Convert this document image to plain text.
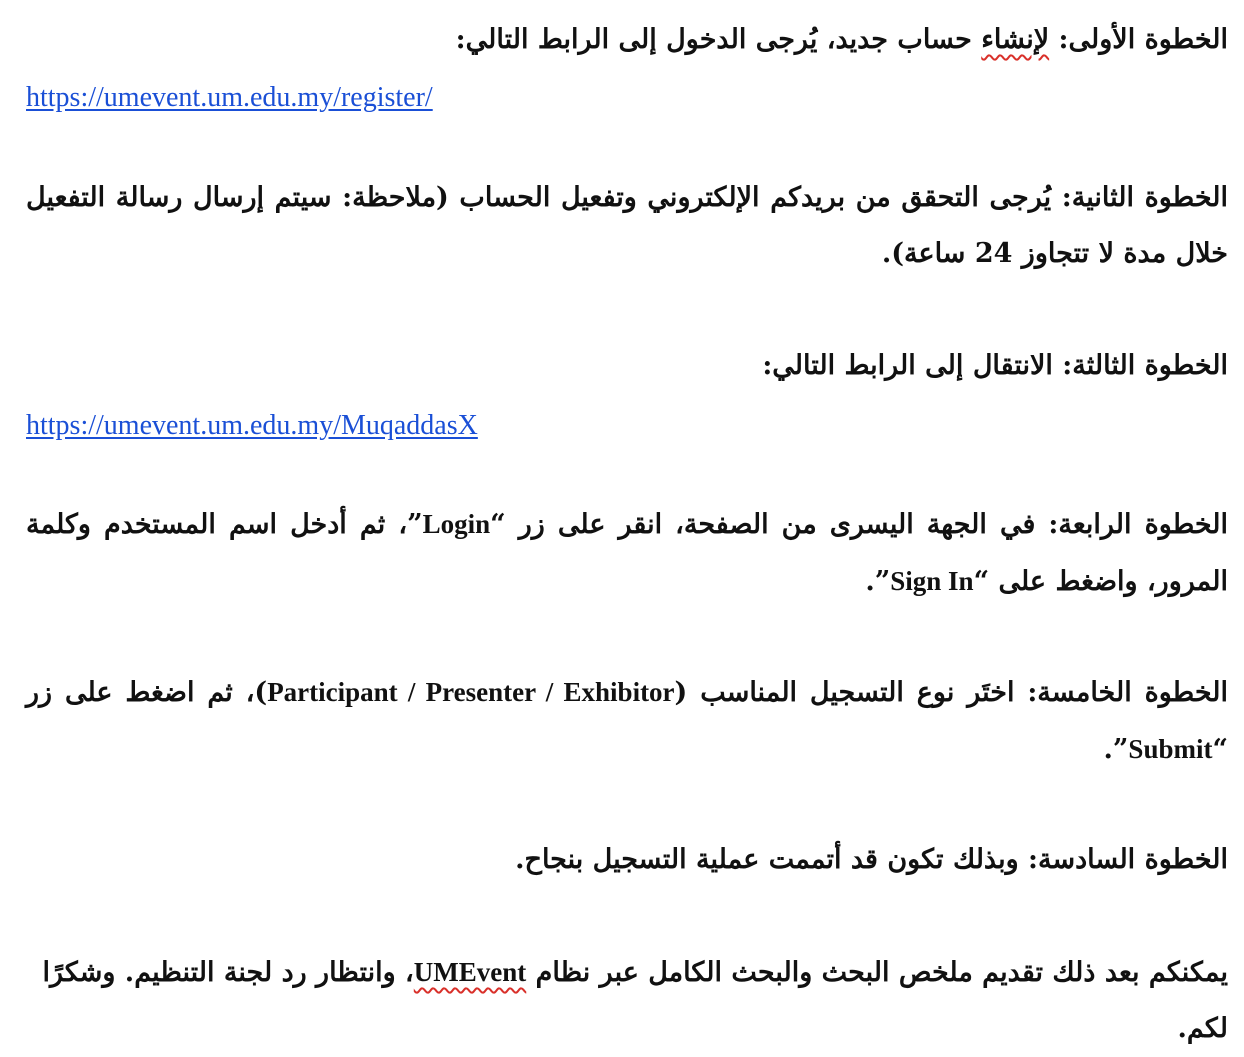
الخطوة الأولى: لإنشاء حساب جديد، يُرجى الدخول إلى الرابط التالي:

https://umevent.um.edu.my/register/

الخطوة الثانية: يُرجى التحقق من بريدكم الإلكتروني وتفعيل الحساب (ملاحظة: سيتم إرسال رسالة التفعيل خلال مدة لا تتجاوز 24 ساعة).

الخطوة الثالثة: الانتقال إلى الرابط التالي:

https://umevent.um.edu.my/MuqaddasX

الخطوة الرابعة: في الجهة اليسرى من الصفحة، انقر على زر “Login”، ثم أدخل اسم المستخدم وكلمة المرور، واضغط على “Sign In”.

الخطوة الخامسة: اختَر نوع التسجيل المناسب (Participant / Presenter / Exhibitor)، ثم اضغط على زر “Submit”.

الخطوة السادسة: وبذلك تكون قد أتممت عملية التسجيل بنجاح.

يمكنكم بعد ذلك تقديم ملخص البحث والبحث الكامل عبر نظام UMEvent، وانتظار رد لجنة التنظيم. وشكرًا لكم.
